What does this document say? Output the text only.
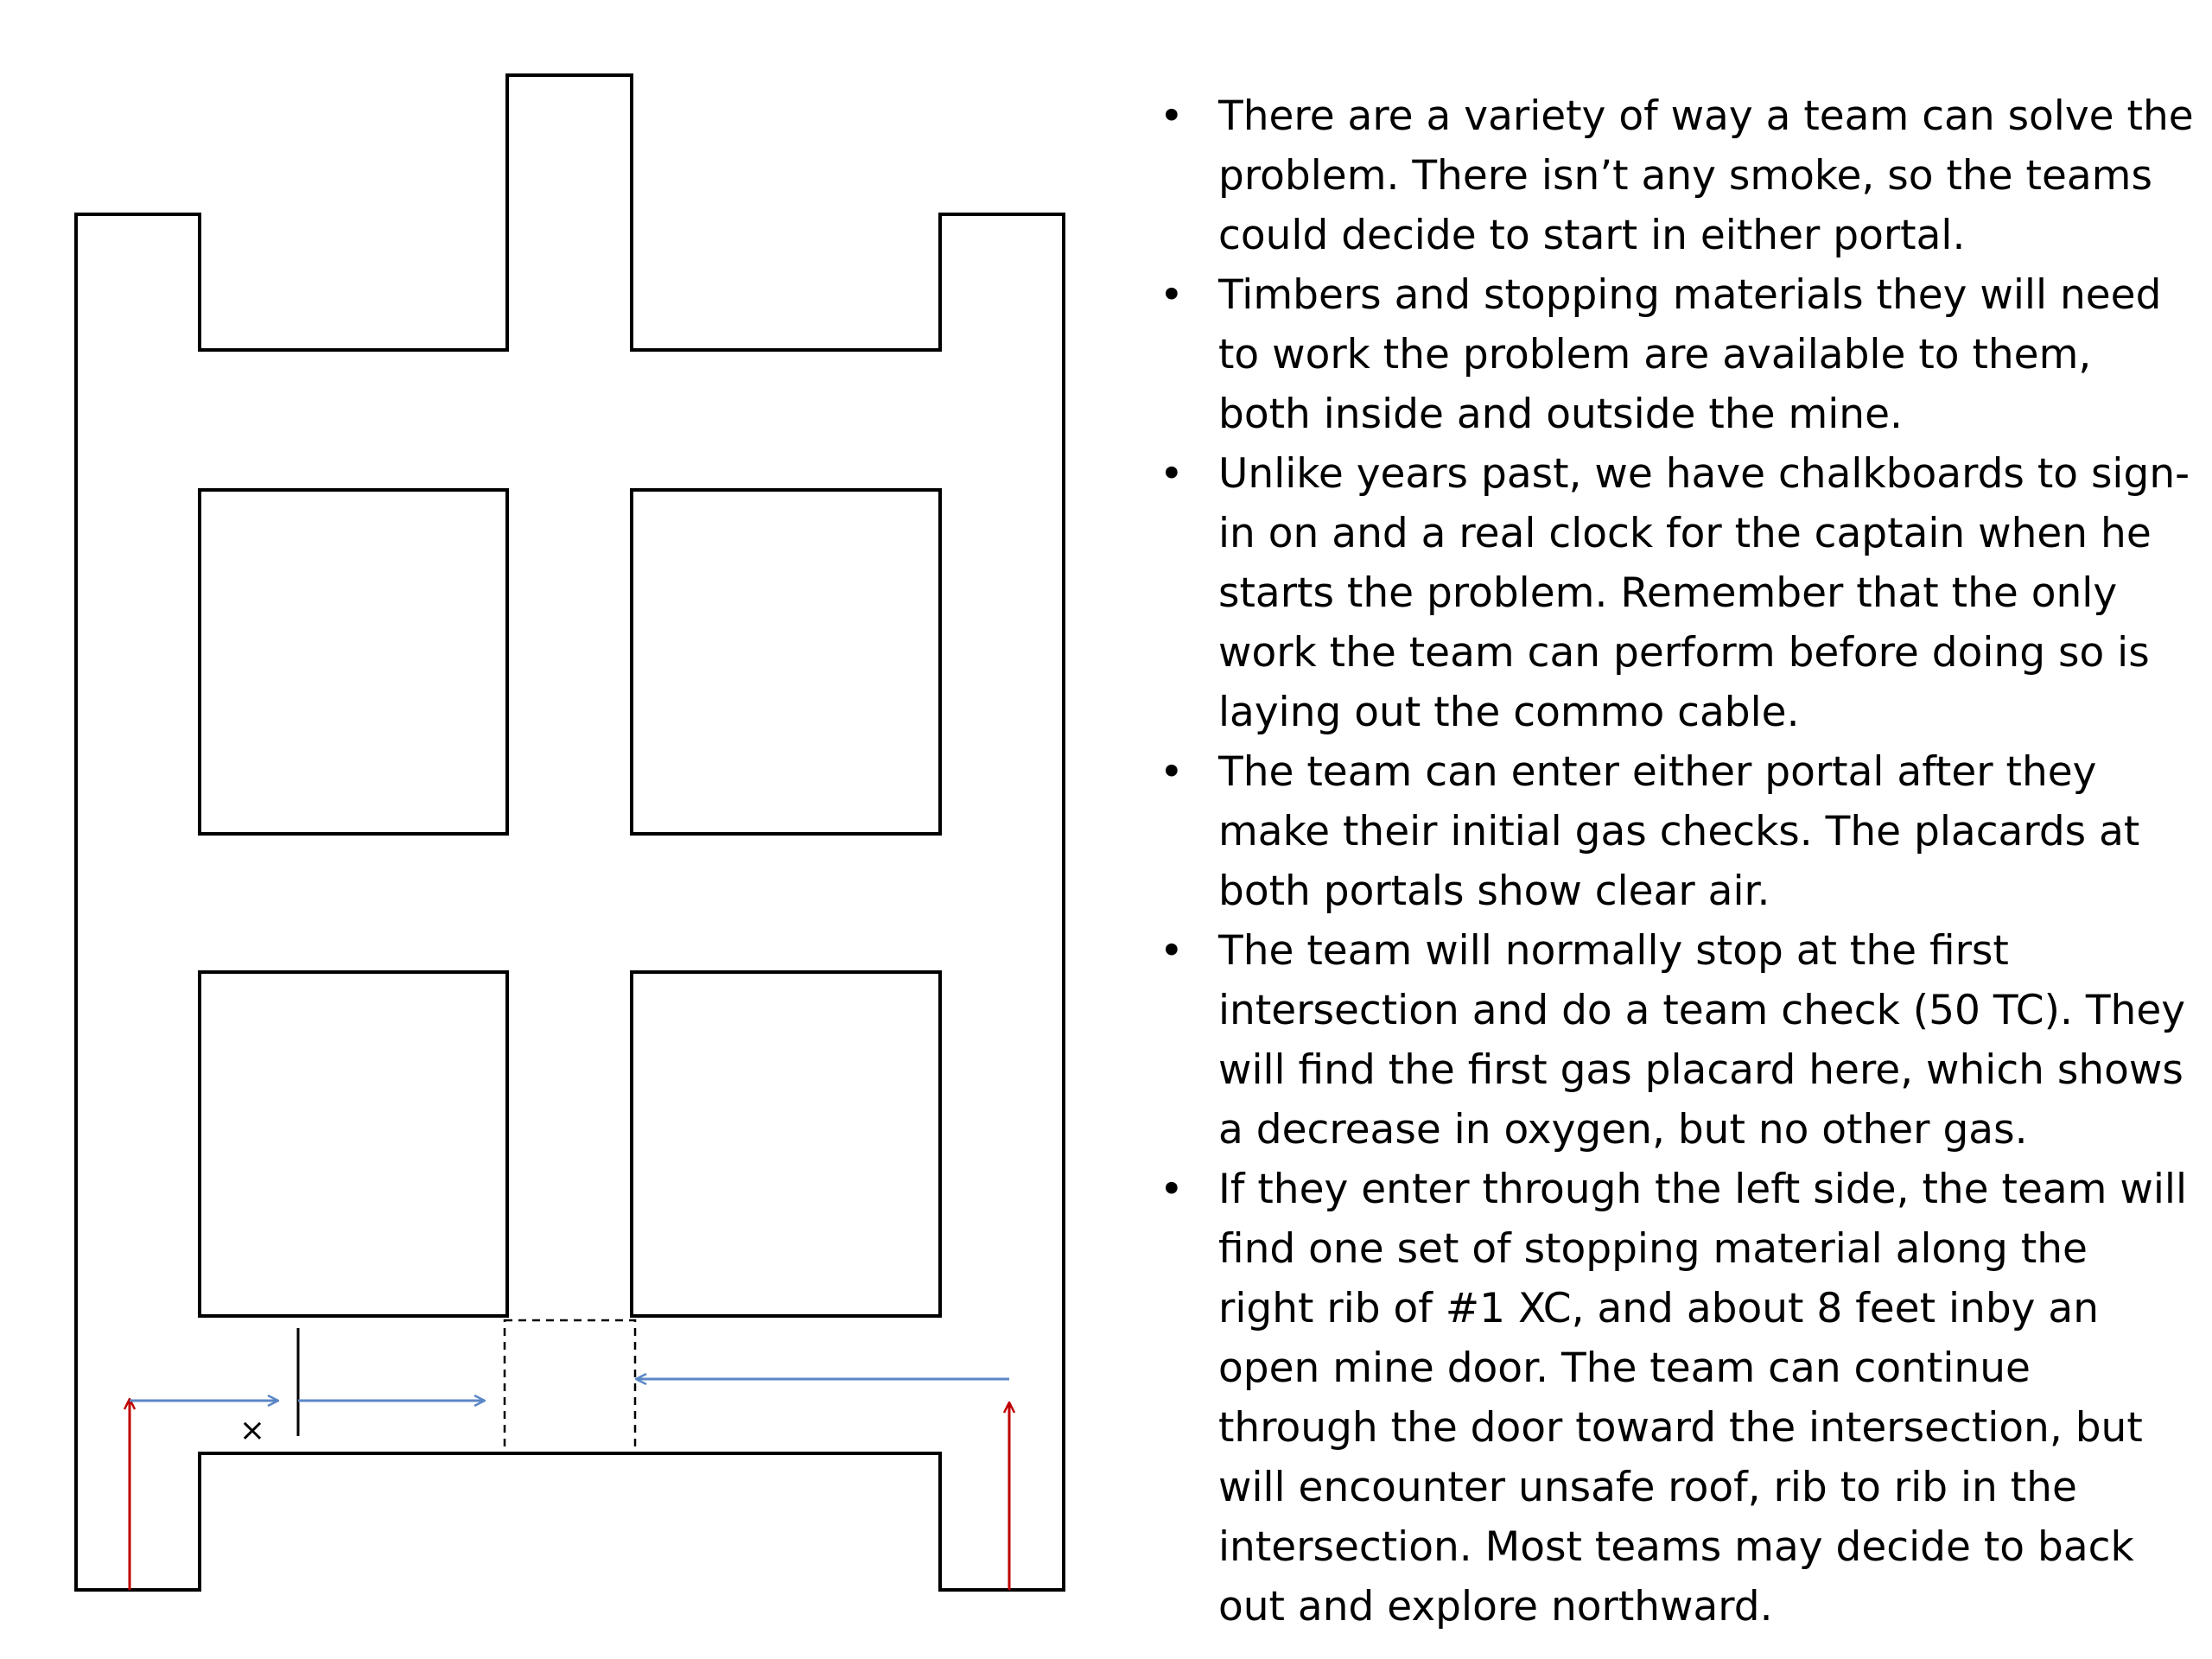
×
• There are a variety of way a team can solve the problem. There isn’t any smoke, so the teams could decide to start in either portal.
• Timbers and stopping materials they will need to work the problem are available to them, both inside and outside the mine.
• Unlike years past, we have chalkboards to sign-in on and a real clock for the captain when he starts the problem. Remember that the only work the team can perform before doing so is laying out the commo cable.
• The team can enter either portal after they make their initial gas checks. The placards at both portals show clear air.
• The team will normally stop at the first intersection and do a team check (50 TC). They will find the first gas placard here, which shows a decrease in oxygen, but no other gas.
• If they enter through the left side, the team will find one set of stopping material along the right rib of #1 XC, and about 8 feet inby an open mine door. The team can continue through the door toward the intersection, but will encounter unsafe roof, rib to rib in the intersection. Most teams may decide to back out and explore northward.
